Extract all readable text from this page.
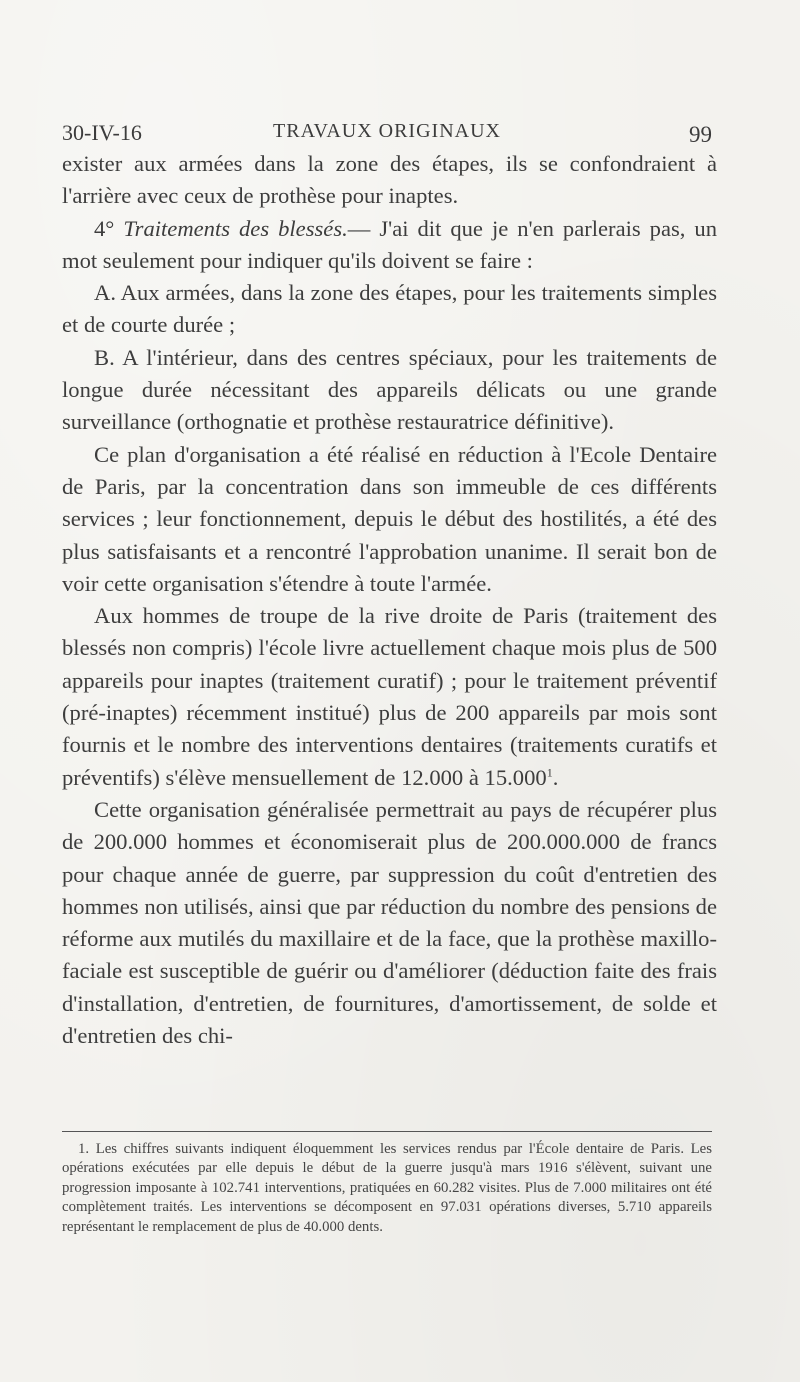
30-IV-16	TRAVAUX ORIGINAUX	99

exister aux armées dans la zone des étapes, ils se confondraient à l'arrière avec ceux de prothèse pour inaptes.

4° Traitements des blessés.— J'ai dit que je n'en parlerais pas, un mot seulement pour indiquer qu'ils doivent se faire :

A. Aux armées, dans la zone des étapes, pour les traitements simples et de courte durée ;

B. A l'intérieur, dans des centres spéciaux, pour les traitements de longue durée nécessitant des appareils délicats ou une grande surveillance (orthognatie et prothèse restauratrice définitive).

Ce plan d'organisation a été réalisé en réduction à l'Ecole Dentaire de Paris, par la concentration dans son immeuble de ces différents services ; leur fonctionnement, depuis le début des hostilités, a été des plus satisfaisants et a rencontré l'approbation unanime. Il serait bon de voir cette organisation s'étendre à toute l'armée.

Aux hommes de troupe de la rive droite de Paris (traitement des blessés non compris) l'école livre actuellement chaque mois plus de 500 appareils pour inaptes (traitement curatif) ; pour le traitement préventif (pré-inaptes) récemment institué) plus de 200 appareils par mois sont fournis et le nombre des interventions dentaires (traitements curatifs et préventifs) s'élève mensuellement de 12.000 à 15.000$^1$.

Cette organisation généralisée permettrait au pays de récupérer plus de 200.000 hommes et économiserait plus de 200.000.000 de francs pour chaque année de guerre, par suppression du coût d'entretien des hommes non utilisés, ainsi que par réduction du nombre des pensions de réforme aux mutilés du maxillaire et de la face, que la prothèse maxillo-faciale est susceptible de guérir ou d'améliorer (déduction faite des frais d'installation, d'entretien, de fournitures, d'amortissement, de solde et d'entretien des chi-

1. Les chiffres suivants indiquent éloquemment les services rendus par l'École dentaire de Paris. Les opérations exécutées par elle depuis le début de la guerre jusqu'à mars 1916 s'élèvent, suivant une progression imposante à 102.741 interventions, pratiquées en 60.282 visites. Plus de 7.000 militaires ont été complètement traités. Les interventions se décomposent en 97.031 opérations diverses, 5.710 appareils représentant le remplacement de plus de 40.000 dents.
